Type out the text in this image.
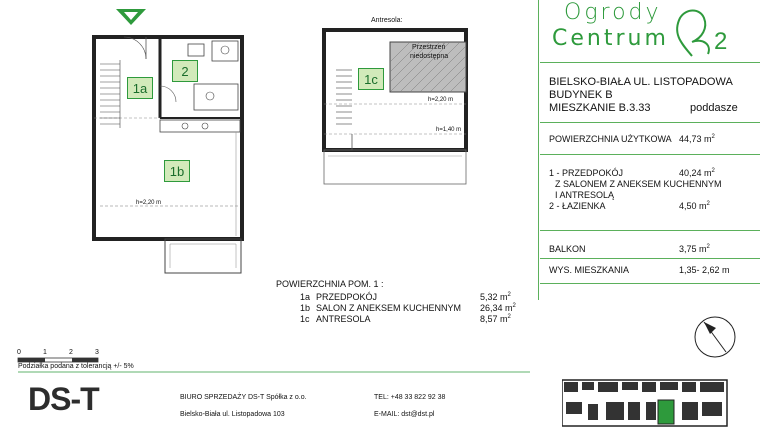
1a
2
1b
1c
Antresola:
Przestrzeń
niedostępna
h=2,20 m
h=1,40 m
h=2,20 m
0	1	2	3
Podziałka podana z tolerancją +/- 5%
POWIERZCHNIA POM. 1 :
1a PRZEDPOKÓJ	5,32 $m^2$
1b SALON Z ANEKSEM KUCHENNYM 26,34 $m^2$
1c ANTRESOLA	8,57 $m^2$
DS-T	BIURO SPRZEDAŻY DS-T Spółka z o.o.
Bielsko-Biała ul. Listopadowa 103
TEL: +48 33 822 92 38
E-MAIL: dst@dst.pl
Ogrody
Centrum 2
BIELSKO-BIAŁA UL. LISTOPADOWA
BUDYNEK B
MIESZKANIE B.3.33	poddasze
POWIERZCHNIA UŻYTKOWA 44,73 $m^2$
1 - PRZEDPOKÓJ	40,24 $m^2$
Z SALONEM Z ANEKSEM KUCHENNYM
I ANTRESOLĄ
2 - ŁAZIENKA	4,50 $m^2$
BALKON	3,75 $m^2$
WYS. MIESZKANIA	1,35- 2,62 m
